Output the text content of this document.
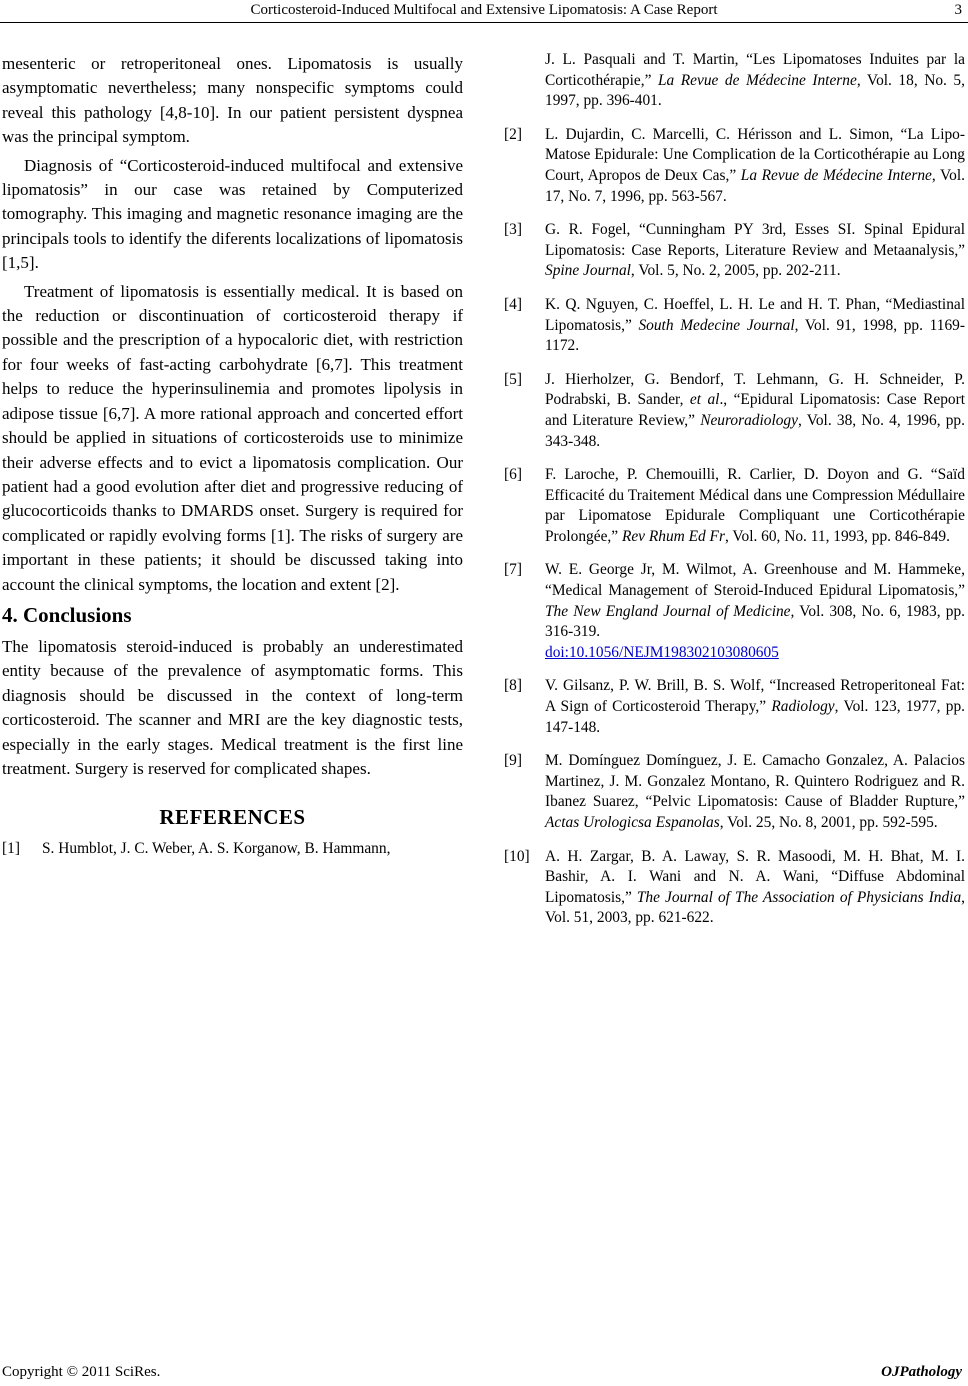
Corticosteroid-Induced Multifocal and Extensive Lipomatosis: A Case Report	3

mesenteric or retroperitoneal ones. Lipomatosis is usually asymptomatic nevertheless; many nonspecific symptoms could reveal this pathology [4,8-10]. In our patient persistent dyspnea was the principal symptom.

Diagnosis of “Corticosteroid-induced multifocal and extensive lipomatosis” in our case was retained by Computerized tomography. This imaging and magnetic resonance imaging are the principals tools to identify the diferents localizations of lipomatosis [1,5].

Treatment of lipomatosis is essentially medical. It is based on the reduction or discontinuation of corticosteroid therapy if possible and the prescription of a hypocaloric diet, with restriction for four weeks of fast-acting carbohydrate [6,7]. This treatment helps to reduce the hyperinsulinemia and promotes lipolysis in adipose tissue [6,7]. A more rational approach and concerted effort should be applied in situations of corticosteroids use to minimize their adverse effects and to evict a lipomatosis complication. Our patient had a good evolution after diet and progressive reducing of glucocorticoids thanks to DMARDS onset. Surgery is required for complicated or rapidly evolving forms [1]. The risks of surgery are important in these patients; it should be discussed taking into account the clinical symptoms, the location and extent [2].

4. Conclusions

The lipomatosis steroid-induced is probably an underestimated entity because of the prevalence of asymptomatic forms. This diagnosis should be discussed in the context of long-term corticosteroid. The scanner and MRI are the key diagnostic tests, especially in the early stages. Medical treatment is the first line treatment. Surgery is reserved for complicated shapes.

REFERENCES
[1] S. Humblot, J. C. Weber, A. S. Korganow, B. Hammann,
J. L. Pasquali and T. Martin, “Les Lipomatoses Induites par la Corticothérapie,” La Revue de Médecine Interne, Vol. 18, No. 5, 1997, pp. 396-401.
[2] L. Dujardin, C. Marcelli, C. Hérisson and L. Simon, “La Lipo-Matose Epidurale: Une Complication de la Corticothérapie au Long Court, Apropos de Deux Cas,” La Revue de Médecine Interne, Vol. 17, No. 7, 1996, pp. 563-567.
[3] G. R. Fogel, “Cunningham PY 3rd, Esses SI. Spinal Epidural Lipomatosis: Case Reports, Literature Review and Metaanalysis,” Spine Journal, Vol. 5, No. 2, 2005, pp. 202-211.
[4] K. Q. Nguyen, C. Hoeffel, L. H. Le and H. T. Phan, “Mediastinal Lipomatosis,” South Medecine Journal, Vol. 91, 1998, pp. 1169-1172.
[5] J. Hierholzer, G. Bendorf, T. Lehmann, G. H. Schneider, P. Podrabski, B. Sander, et al., “Epidural Lipomatosis: Case Report and Literature Review,” Neuroradiology, Vol. 38, No. 4, 1996, pp. 343-348.
[6] F. Laroche, P. Chemouilli, R. Carlier, D. Doyon and G. “Saïd Efficacité du Traitement Médical dans une Compression Médullaire par Lipomatose Epidurale Compliquant une Corticothérapie Prolongée,” Rev Rhum Ed Fr, Vol. 60, No. 11, 1993, pp. 846-849.
[7] W. E. George Jr, M. Wilmot, A. Greenhouse and M. Hammeke, “Medical Management of Steroid-Induced Epidural Lipomatosis,” The New England Journal of Medicine, Vol. 308, No. 6, 1983, pp. 316-319.
doi:10.1056/NEJM198302103080605
[8] V. Gilsanz, P. W. Brill, B. S. Wolf, “Increased Retroperitoneal Fat: A Sign of Corticosteroid Therapy,” Radiology, Vol. 123, 1977, pp. 147-148.
[9] M. Domínguez Domínguez, J. E. Camacho Gonzalez, A. Palacios Martinez, J. M. Gonzalez Montano, R. Quintero Rodriguez and R. Ibanez Suarez, “Pelvic Lipomatosis: Cause of Bladder Rupture,” Actas Urologicsa Espanolas, Vol. 25, No. 8, 2001, pp. 592-595.
[10] A. H. Zargar, B. A. Laway, S. R. Masoodi, M. H. Bhat, M. I. Bashir, A. I. Wani and N. A. Wani, “Diffuse Abdominal Lipomatosis,” The Journal of The Association of Physicians India, Vol. 51, 2003, pp. 621-622.
Copyright © 2011 SciRes.	OJPathology
